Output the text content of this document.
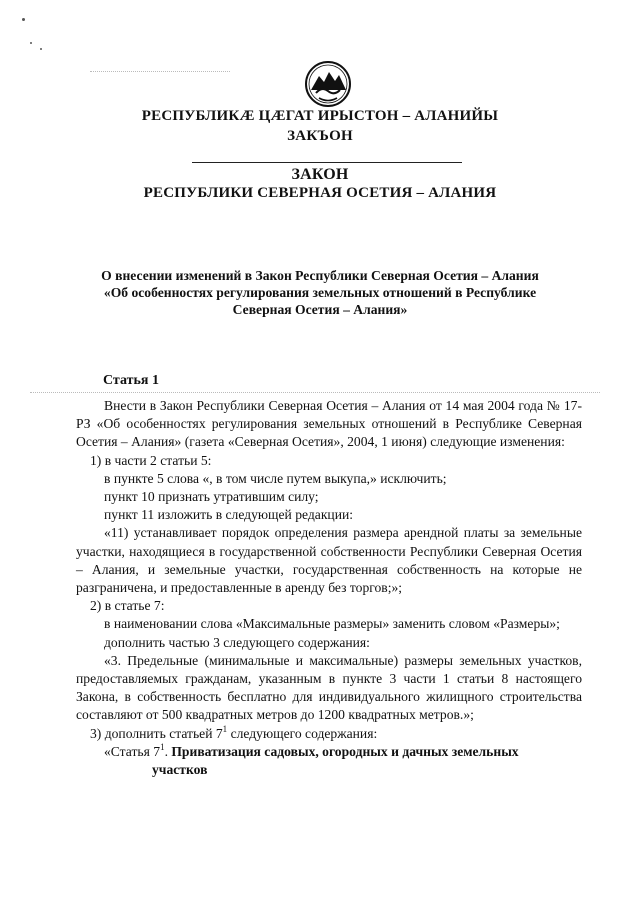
РЕСПУБЛИКÆ ЦÆГАТ ИРЫСТОН – АЛАНИЙЫ
ЗАКЪОН
ЗАКОН
РЕСПУБЛИКИ СЕВЕРНАЯ ОСЕТИЯ – АЛАНИЯ
О внесении изменений в Закон Республики Северная Осетия – Алания
«Об особенностях регулирования земельных отношений в Республике
Северная Осетия – Алания»
Статья 1

Внести в Закон Республики Северная Осетия – Алания от 14 мая 2004 года № 17-РЗ «Об особенностях регулирования земельных отношений в Республике Северная Осетия – Алания» (газета «Северная Осетия», 2004, 1 июня) следующие изменения:

1) в части 2 статьи 5:

в пункте 5 слова «, в том числе путем выкупа,» исключить;

пункт 10 признать утратившим силу;

пункт 11 изложить в следующей редакции:

«11) устанавливает порядок определения размера арендной платы за земельные участки, находящиеся в государственной собственности Республики Северная Осетия – Алания, и земельные участки, государственная собственность на которые не разграничена, и предоставленные в аренду без торгов;»;

2) в статье 7:

в наименовании слова «Максимальные размеры» заменить словом «Размеры»;

дополнить частью 3 следующего содержания:

«3. Предельные (минимальные и максимальные) размеры земельных участков, предоставляемых гражданам, указанным в пункте 3 части 1 статьи 8 настоящего Закона, в собственность бесплатно для индивидуального жилищного строительства составляют от 500 квадратных метров до 1200 квадратных метров.»;

3) дополнить статьей $7^1$ следующего содержания:

«Статья $7^1$. Приватизация садовых, огородных и дачных земельных

участков
